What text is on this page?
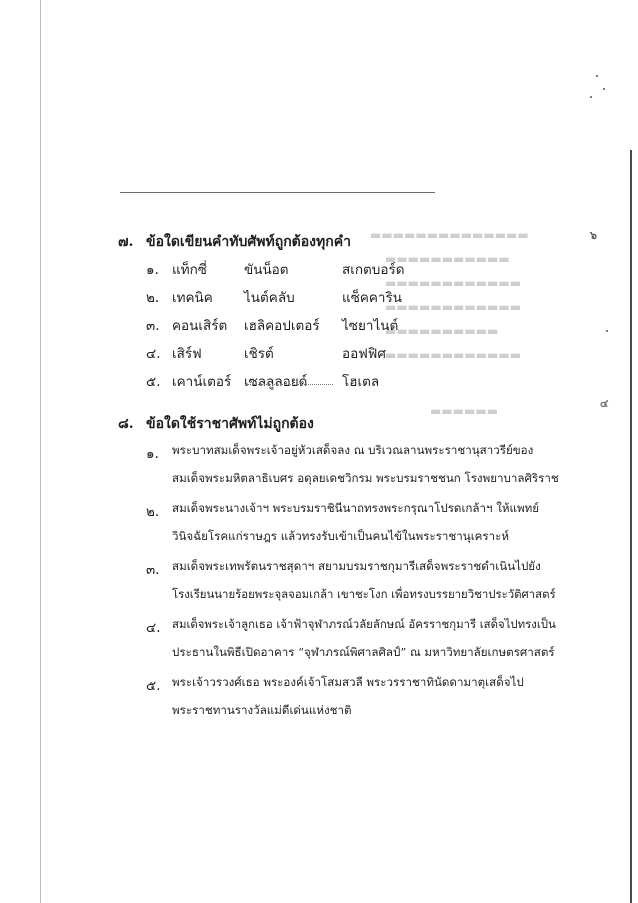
▬▬▬▬▬▬▬▬▬▬▬▬▬▬
▬▬▬▬▬▬▬▬▬▬▬
▬▬▬▬▬▬▬▬▬▬▬▬
▬▬▬▬▬▬▬▬▬▬▬▬
▬▬▬▬▬▬▬▬▬▬
▬▬▬▬▬▬▬▬▬▬▬▬
▬▬▬▬▬▬
๖
๔
๗. ข้อใดเขียนคำทับศัพท์ถูกต้องทุกคำ
๑. แท็กซี่	ขันน็อต	สเกตบอร์ด
๒. เทคนิค ไนต์คลับ	แซ็คคาริน
๓. คอนเสิร์ต เฮลิคอปเตอร์ ไซยาไนต์
๔. เสิร์ฟ	เชิรต์	ออฟฟิศ
๕. เคาน์เตอร์ เซลลูลอยด์	โฮเตล
๘. ข้อใดใช้ราชาศัพท์ไม่ถูกต้อง
๑. พระบาทสมเด็จพระเจ้าอยู่หัวเสด็จลง ณ บริเวณลานพระราชานุสาวรีย์ของ
สมเด็จพระมหิตลาธิเบศร อดุลยเดชวิกรม พระบรมราชชนก โรงพยาบาลศิริราช
๒. สมเด็จพระนางเจ้าฯ พระบรมราชินีนาถทรงพระกรุณาโปรดเกล้าฯ ให้แพทย์
วินิจฉัยโรคแก่ราษฎร แล้วทรงรับเข้าเป็นคนไข้ในพระราชานุเคราะห์
๓. สมเด็จพระเทพรัตนราชสุดาฯ สยามบรมราชกุมารีเสด็จพระราชดำเนินไปยัง
โรงเรียนนายร้อยพระจุลจอมเกล้า เขาชะโงก เพื่อทรงบรรยายวิชาประวัติศาสตร์
๔. สมเด็จพระเจ้าลูกเธอ เจ้าฟ้าจุฬาภรณ์วลัยลักษณ์ อัครราชกุมารี เสด็จไปทรงเป็น
ประธานในพิธีเปิดอาคาร “จุฬาภรณ์พิศาลศิลป์” ณ มหาวิทยาลัยเกษตรศาสตร์
๕. พระเจ้าวรวงศ์เธอ พระองค์เจ้าโสมสวลี พระวรราชาทินัดดามาตุเสด็จไป
พระราชทานรางวัลแม่ดีเด่นแห่งชาติ
